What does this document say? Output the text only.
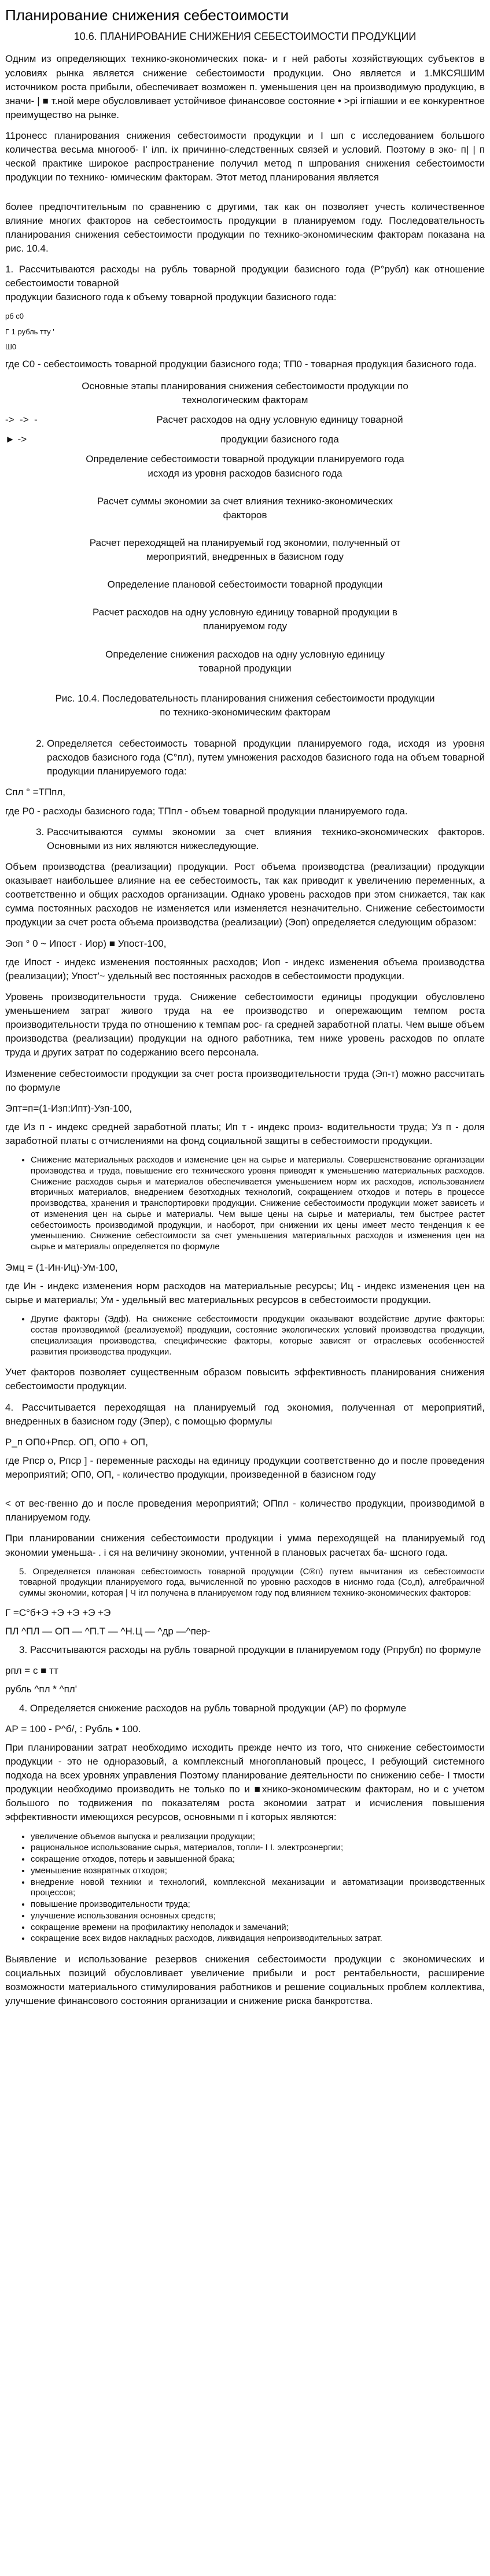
Планирование снижения себестоимости
10.6. ПЛАНИРОВАНИЕ СНИЖЕНИЯ СЕБЕСТОИМОСТИ ПРОДУКЦИИ

Одним из определяющих технико-экономических пока- и г ней работы хозяйствующих субъектов в условиях рынка является снижение себестоимости продукции. Оно является и 1.МКСЯШИМ источником роста прибыли, обеспечивает возможен п. уменьшения цен на производимую продукцию, в значи- | ■ т.ной мере обусловливает устойчивое финансовое состояние • >рі ігпіашии и ее конкурентное преимущество на рынке.

11ронесс планирования снижения себестоимости продукции и I шп с исследованием большого количества весьма многооб- I' ілп. іх причинно-следственных связей и условий. Поэтому в эко- п| | п ческой практике широкое распространение получил метод п шпрования снижения себестоимости продукции по технико- юмическим факторам. Этот метод планирования является

более предпочтительным по сравнению с другими, так как он позволяет учесть количественное влияние многих факторов на себестоимость продукции в планируемом году. Последовательность планирования снижения себестоимости продукции по технико-экономическим факторам показана на рис. 10.4.

1. Рассчитываются расходы на рубль товарной продукции базисного года (Р°рубл) как отношение себестоимости товарной

продукции базисного года к объему товарной продукции базисного года:

рб с0
Г 1 рубль тту '
Ш0

где С0 - себестоимость товарной продукции базисного года; ТП0 - товарная продукция базисного года.

Основные этапы планирования снижения себестоимости продукции по технологическим факторам
->  ->  -	Расчет расходов на одну условную единицу товарной
► ->	продукции базисного года
Определение себестоимости товарной продукции планируемого года исходя из уровня расходов базисного года
Расчет суммы экономии за счет влияния технико-экономических факторов
Расчет переходящей на планируемый год экономии, полученный от мероприятий, внедренных в базисном году
Определение плановой себестоимости товарной продукции
Расчет расходов на одну условную единицу товарной продукции в планируемом году
Определение снижения расходов на одну условную единицу товарной продукции
Рис. 10.4. Последовательность планирования снижения себестоимости продукции по технико-экономическим факторам
2. Определяется себестоимость товарной продукции планируемого года, исходя из уровня расходов базисного года (С°пл), путем умножения расходов базисного года на объем товарной продукции планируемого года:
Спл ° =ТПпл,

где Р0 - расходы базисного года; ТПпл - объем товарной продукции планируемого года.

3. Рассчитываются суммы экономии за счет влияния технико-экономических факторов. Основными из них являются нижеследующие.

Объем производства (реализации) продукции. Рост объема производства (реализации) продукции оказывает наибольшее влияние на ее себестоимость, так как приводит к увеличению переменных, а соответственно и общих расходов организации. Однако уровень расходов при этом снижается, так как сумма постоянных расходов не изменяется или изменяется незначительно. Снижение себестоимости продукции за счет роста объема производства (реализации) (Эоп) определяется следующим образом:

Эоп ° 0 ~ Ипост · Иор) ■ Упост-100,

где Ипост - индекс изменения постоянных расходов; Иоп - индекс изменения объема производства (реализации); Упост'~ удельный вес постоянных расходов в себестоимости продукции.

Уровень производительности труда. Снижение себестоимости единицы продукции обусловлено уменьшением затрат живого труда на ее производство и опережающим темпом роста производительности труда по отношению к темпам рос- га средней заработной платы. Чем выше объем производства (реализации) продукции на одного работника, тем ниже уровень расходов по оплате труда и других затрат по содержанию всего персонала.

Изменение себестоимости продукции за счет роста производительности труда (Эп-т) можно рассчитать по формуле

Эпт=п=(1-Изп:Ипт)-Узп-100,

где Из п - индекс средней заработной платы; Ип т - индекс произ- водительности труда; Уз п - доля заработной платы с отчислениями на фонд социальной защиты в себестоимости продукции.

• Снижение материальных расходов и изменение цен на сырье и материалы. Совершенствование организации производства и труда, повышение его технического уровня приводят к уменьшению материальных расходов. Снижение расходов сырья и материалов обеспечивается уменьшением норм их расходов, использованием вторичных материалов, внедрением безотходных технологий, сокращением отходов и потерь в процессе производства, хранения и транспортировки продукции. Снижение себестоимости продукции может зависеть и от изменения цен на сырье и материалы. Чем выше цены на сырье и материалы, тем быстрее растет себестоимость производимой продукции, и наоборот, при снижении их цены имеет место тенденция к ее уменьшению. Снижение себестоимости за счет уменьшения материальных расходов и изменения цен на сырье и материалы определяется по формуле
Эмц = (1-Ин-Иц)-Ум-100,

где Ин - индекс изменения норм расходов на материальные ресурсы; Иц - индекс изменения цен на сырье и материалы; Ум - удельный вес материальных ресурсов в себестоимости продукции.

• Другие факторы (Эдф). На снижение себестоимости продукции оказывают воздействие другие факторы: состав производимой (реализуемой) продукции, состояние экологических условий производства продукции, специализация производства, специфические факторы, которые зависят от отраслевых особенностей развития производства продукции.

Учет факторов позволяет существенным образом повысить эффективность планирования снижения себестоимости продукции.

4. Рассчитывается переходящая на планируемый год экономия, полученная от мероприятий, внедренных в базисном году (Эпер), с помощью формулы

Р_п ОП0+Рпср. ОП, ОП0 + ОП,

где Рпср о, Рпср ] - переменные расходы на единицу продукции соответственно до и после проведения мероприятий; ОП0, ОП, - количество продукции, произведенной в базисном году

< от вес-гвенно до и после проведения мероприятий; ОПпл - количество продукции, производимой в планируемом году.

При планировании снижения себестоимости продукции і умма переходящей на планируемый год экономии уменьша- . і ся на величину экономии, учтенной в плановых расчетах ба- шсного года.

5. Определяется плановая себестоимость товарной продукции (С®п) путем вычитания из себестоимости товарной продукции планируемого года, вычисленной по уровню расходов в ниснмо года (Со„п), алгебраичной суммы экономии, которая | Ч ігл получена в планируемом году под влиянием технико-экономических факторов:

Г =С°б+Э +Э +Э +Э +Э
ПЛ ^ПЛ — ОП — ^П.Т — ^Н.Ц — ^др —^пер-

3. Рассчитываются расходы на рубль товарной продукции в планируемом году (Рпрубл) по формуле

рпл = с ■ тт
рубль ^пл * ^пл'

4. Определяется снижение расходов на рубль товарной продукции (АР) по формуле

АР = 100 - Р^б/, : Рубль • 100.

При планировании затрат необходимо исходить прежде нечто из того, что снижение себестоимости продукции - это не одноразовый, а комплексный многоплановый процесс, I ребующий системного подхода на всех уровнях управления Поэтому планирование деятельности по снижению себе- І тмости продукции необходимо производить не только по и ■хнико-экономическим факторам, но и с учетом большого по тодвижения по показателям роста экономии затрат и исчисления повышения эффективности имеющихся ресурсов, основными п і которых являются:

• увеличение объемов выпуска и реализации продукции;
• рациональное использование сырья, материалов, топли- І І. электроэнергии;
• сокращение отходов, потерь и завышенной брака;
• уменьшение возвратных отходов;
• внедрение новой техники и технологий, комплексной механизации и автоматизации производственных процессов;
• повышение производительности труда;
• улучшение использования основных средств;
• сокращение времени на профилактику неполадок и замечаний;
• сокращение всех видов накладных расходов, ликвидация непроизводительных затрат.

Выявление и использование резервов снижения себестоимости продукции с экономических и социальных позиций обусловливает увеличение прибыли и рост рентабельности, расширение возможности материального стимулирования работников и решение социальных проблем коллектива, улучшение финансового состояния организации и снижение риска банкротства.
